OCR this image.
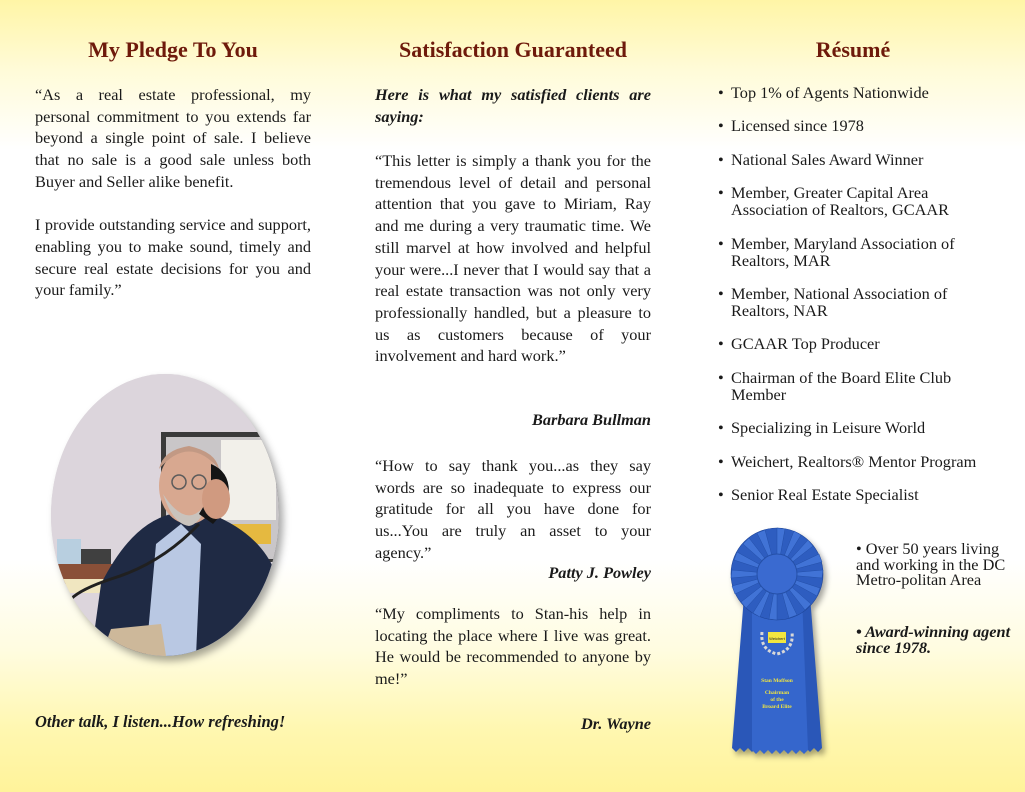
My Pledge To You

“As a real estate professional, my personal commitment to you extends far beyond a single point of sale. I believe that no sale is a good sale unless both Buyer and Seller alike benefit.

I provide outstanding service and support, enabling you to make sound, timely and secure real estate decisions for you and your family.”

Other talk, I listen...How refreshing!
Satisfaction Guaranteed
Here is what my satisfied clients are saying:
“This letter is simply a thank you for the tremendous level of detail and personal attention that you gave to Miriam, Ray and me during a very traumatic time. We still marvel at how involved and helpful your were...I never that I would say that a real estate transaction was not only very professionally handled, but a pleasure to us as customers because of your involvement and hard work.”
Barbara Bullman
“How to say thank you...as they say words are so inadequate to express our gratitude for all you have done for us...You are truly an asset to your agency.”
Patty J. Powley
“My compliments to Stan-his help in locating the place where I live was great. He would be recommended to anyone by me!”
Dr. Wayne
Résumé
• Top 1% of Agents Nationwide
• Licensed since 1978
• National Sales Award Winner
• Member, Greater Capital Area Association of Realtors, GCAAR
• Member, Maryland Association of Realtors, MAR
• Member, National Association of Realtors, NAR
• GCAAR Top Producer
• Chairman of the Board Elite Club Member
• Specializing in Leisure World
• Weichert, Realtors® Mentor Program
• Senior Real Estate Specialist
Weichert
Stan Moffson
Chairman
of the
Broard Elite
• Over 50 years living and working in the DC Metro-politan Area
• Award-winning agent since 1978.
